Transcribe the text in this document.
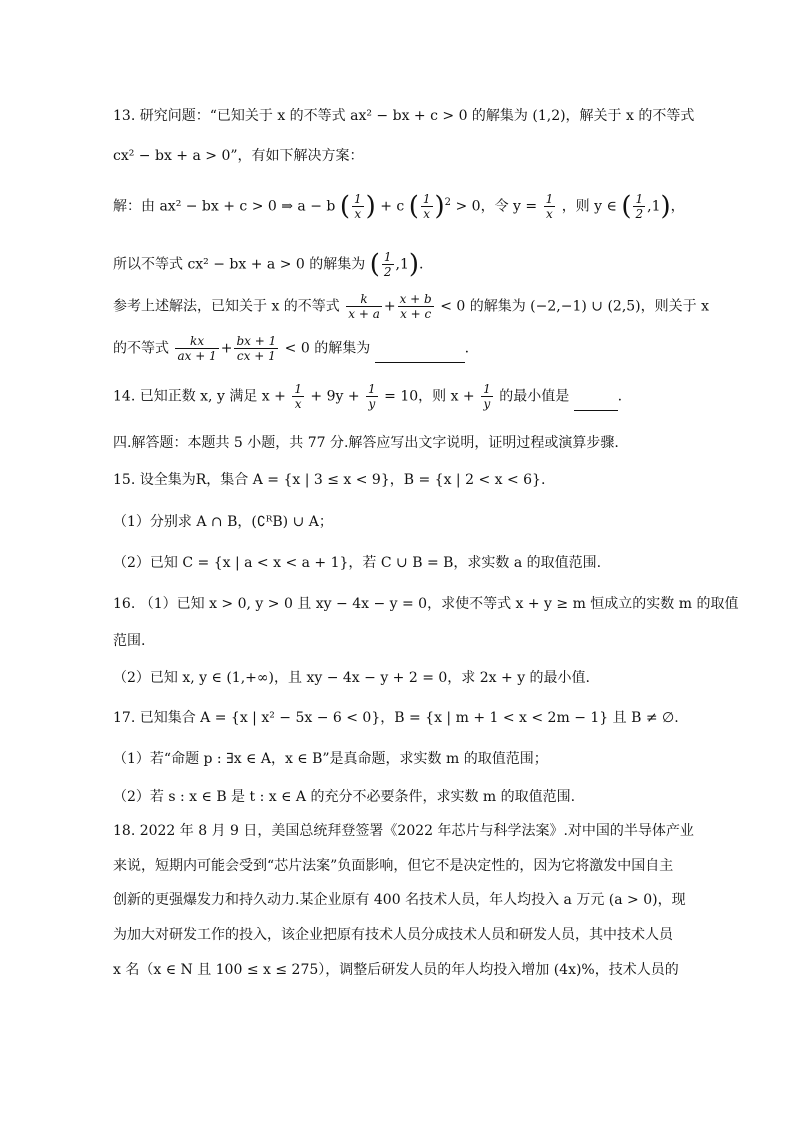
13. 研究问题：“已知关于 x 的不等式 ax² − bx + c > 0 的解集为 (1,2)，解关于 x 的不等式
cx² − bx + a > 0”，有如下解决方案：
解：由 ax² − bx + c > 0 ⇒ a − b ( $\frac{1}{x}$ ) + c ( $\frac{1}{x} )^2 > 0$，令 $y = \frac{1}{x}$ ，则 y ∈ ( $\frac{1}{2} ,1$)，
所以不等式 cx² − bx + a > 0 的解集为 ( $\frac{1}{2} ,1$).
参考上述解法，已知关于 x 的不等式 $\frac{k}{x + a} + \frac{x + b}{x + c} < 0$ 的解集为 (−2,−1) ∪ (2,5)，则关于 x
的不等式 $\frac{kx}{ax + 1} + \frac{bx + 1}{cx + 1} < 0$ 的解集为	.
14. 已知正数 x, y 满足 $x + \frac{1}{x} + 9y + \frac{1}{y} = 10$，则 $x + \frac{1}{y}$ 的最小值是	.
四.解答题：本题共 5 小题，共 77 分.解答应写出文字说明，证明过程或演算步骤.
15. 设全集为R，集合 A = {x | 3 ≤ x < 9}，B = {x | 2 < x < 6}.
（1）分别求 A ∩ B，(∁ᴿB) ∪ A；
（2）已知 C = {x | a < x < a + 1}，若 C ∪ B = B，求实数 a 的取值范围.
16. （1）已知 x > 0, y > 0 且 xy − 4x − y = 0，求使不等式 x + y ≥ m 恒成立的实数 m 的取值
范围.
（2）已知 x, y ∈ (1,+∞)，且 xy − 4x − y + 2 = 0，求 2x + y 的最小值.
17. 已知集合 A = {x | x² − 5x − 6 < 0}，B = {x | m + 1 < x < 2m − 1} 且 B ≠ ∅.
（1）若“命题 p : ∃x ∈ A，x ∈ B”是真命题，求实数 m 的取值范围；
（2）若 s : x ∈ B 是 t : x ∈ A 的充分不必要条件，求实数 m 的取值范围.
18. 2022 年 8 月 9 日，美国总统拜登签署《2022 年芯片与科学法案》.对中国的半导体产业
来说，短期内可能会受到“芯片法案”负面影响，但它不是决定性的，因为它将激发中国自主
创新的更强爆发力和持久动力.某企业原有 400 名技术人员，年人均投入 a 万元 (a > 0)，现
为加大对研发工作的投入，该企业把原有技术人员分成技术人员和研发人员，其中技术人员
x 名（x ∈ N 且 100 ≤ x ≤ 275），调整后研发人员的年人均投入增加 (4x)%，技术人员的
